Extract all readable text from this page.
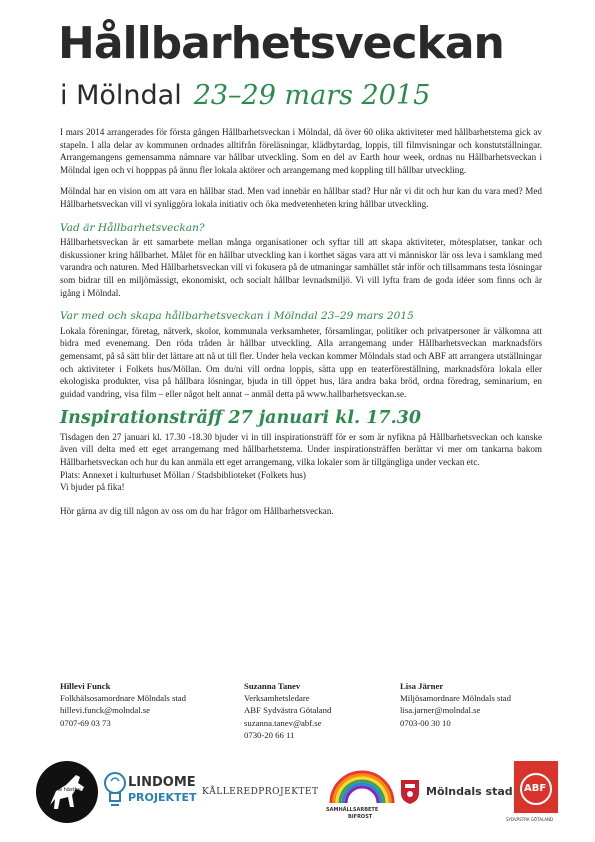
Hållbarhetsveckan
i Mölndal 23–29 mars 2015

I mars 2014 arrangerades för första gången Hållbarhetsveckan i Mölndal, då över 60 olika aktiviteter med hållbarhetstema gick av stapeln. I alla delar av kommunen ordnades alltifrån föreläsningar, klädbytardag, loppis, till filmvisningar och konstutställningar. Arrangemangens gemensamma nämnare var hållbar utveckling. Som en del av Earth hour week, ordnas nu Hållbarhetsveckan i Mölndal igen och vi hopppas på ännu fler lokala aktörer och arrangemang med koppling till hållbar utveckling.

Mölndal har en vision om att vara en hållbar stad. Men vad innebär en hållbar stad? Hur når vi dit och hur kan du vara med? Med Hållbarhetsveckan vill vi synliggöra lokala initiativ och öka medvetenheten kring hållbar utveckling.

Vad är Hållbarhetsveckan?

Hållbarhetsveckan är ett samarbete mellan många organisationer och syftar till att skapa aktiviteter, mötesplatser, tankar och diskussioner kring hållbarhet. Målet för en hållbar utveckling kan i korthet sägas vara att vi människor lär oss leva i samklang med varandra och naturen. Med Hållbarhetsveckan vill vi fokusera på de utmaningar samhället står inför och tillsammans testa lösningar som bidrar till en miljömässigt, ekonomiskt, och socialt hållbar levnadsmiljö. Vi vill lyfta fram de goda idéer som finns och är igång i Mölndal.

Var med och skapa hållbarhetsveckan i Mölndal 23–29 mars 2015

Lokala föreningar, företag, nätverk, skolor, kommunala verksamheter, församlingar, politiker och privatpersoner är välkomna att bidra med evenemang. Den röda tråden är hållbar utveckling. Alla arrangemang under Hållbarhetsveckan marknadsförs gemensamt, på så sätt blir det lättare att nå ut till fler. Under hela veckan kommer Mölndals stad och ABF att arrangera utställningar och aktiviteter i Folkets hus/Möllan. Om du/ni vill ordna loppis, sätta upp en teaterföreställning, marknadsföra lokala eller ekologiska produkter, visa på hållbara lösningar, bjuda in till öppet hus, lära andra baka bröd, ordna föredrag, seminarium, en guidad vandring, visa film – eller något helt annat – anmäl detta på www.hallbarhetsveckan.se.

Inspirationsträff 27 januari kl. 17.30

Tisdagen den 27 januari kl. 17.30 -18.30 bjuder vi in till inspirationsträff för er som är nyfikna på Hållbarhetsveckan och kanske även vill delta med ett eget arrangemang med hållbarhetstema. Under inspirationsträffen berättar vi mer om tankarna bakom Hållbarhetsveckan och hur du kan anmäla ett eget arrangemang, vilka lokaler som är tillgängliga under veckan etc.

Plats: Annexet i kulturhuset Möllan / Stadsbiblioteket (Folkets hus)

Vi bjuder på fika!

Hör gärna av dig till någon av oss om du har frågor om Hållbarhetsveckan.

Hillevi Funck
Folkhälsosamordnare Mölndals stad
hillevi.funck@molndal.se
0707-69 03 73
Suzanna Tanev
Verksamhetsledare
ABF Sydvästra Götaland
suzanna.tanev@abf.se
0730-20 66 11
Lisa Järner
Miljösamordnare Mölndals stad
lisa.jarner@molndal.se
0703-00 30 10
lindome hästby	LINDOME
PROJEKTET KÅLLEREDPROJEKTET
SAMHÄLLSARBETE
BIFROST
Mölndals stad ABF
SYDVÄSTRA GÖTALAND
